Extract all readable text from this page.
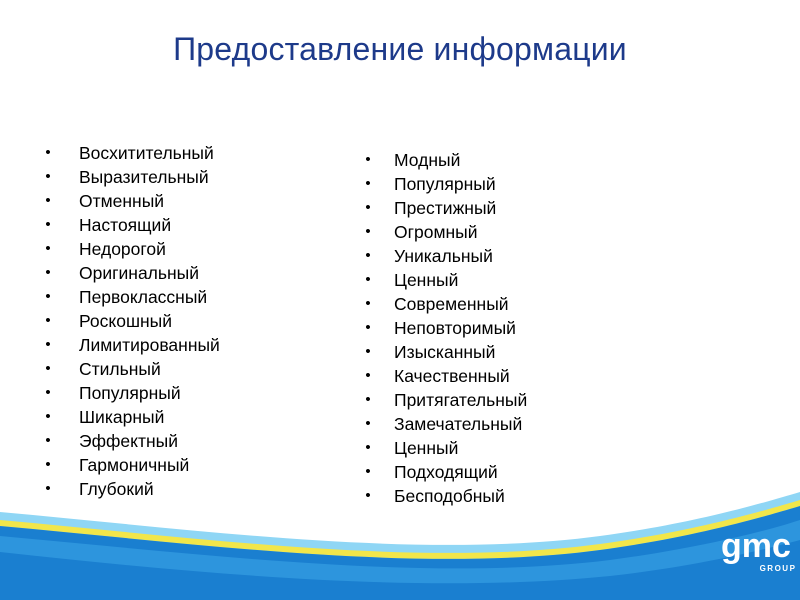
Предоставление информации
• Восхитительный
• Выразительный
• Отменный
• Настоящий
• Недорогой
• Оригинальный
• Первоклассный
• Роскошный
• Лимитированный
• Стильный
• Популярный
• Шикарный
• Эффектный
• Гармоничный
• Глубокий
• Модный
• Популярный
• Престижный
• Огромный
• Уникальный
• Ценный
• Современный
• Неповторимый
• Изысканный
• Качественный
• Притягательный
• Замечательный
• Ценный
• Подходящий
• Бесподобный
gmc
GROUP
